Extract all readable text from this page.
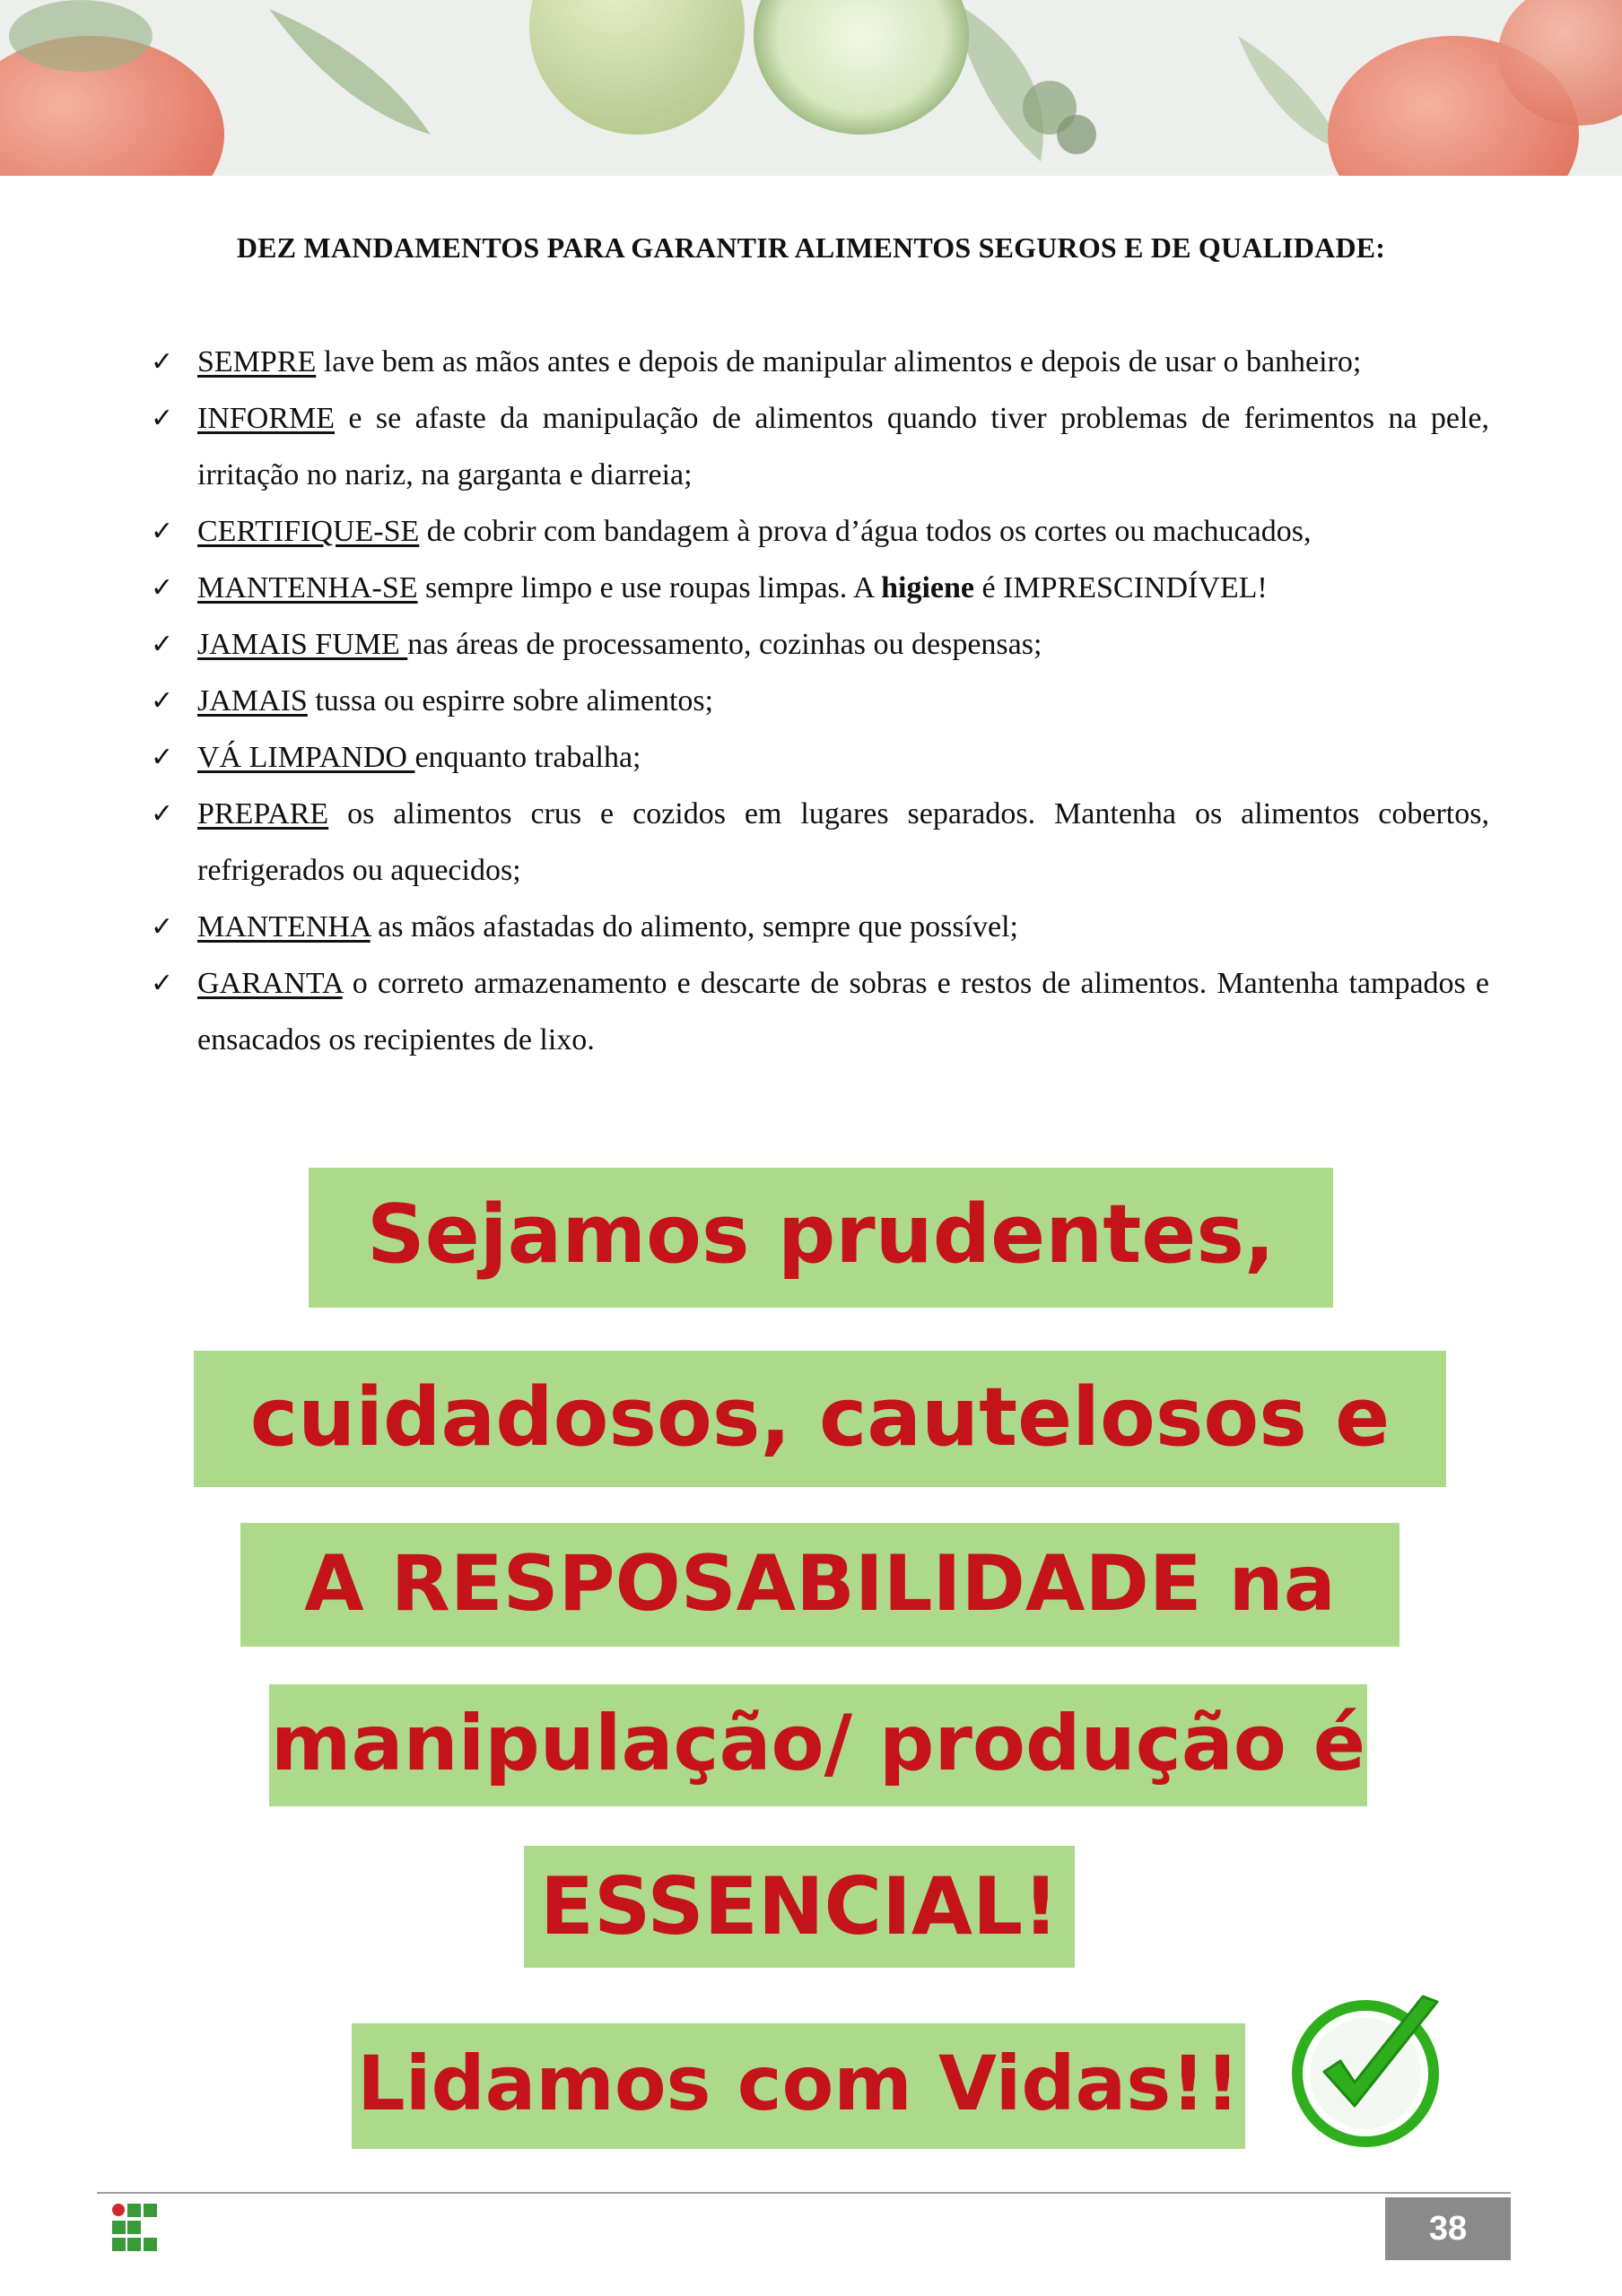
DEZ MANDAMENTOS PARA GARANTIR ALIMENTOS SEGUROS E DE QUALIDADE:
✓ SEMPRE lave bem as mãos antes e depois de manipular alimentos e depois de usar o banheiro;
✓ INFORME e se afaste da manipulação de alimentos quando tiver problemas de ferimentos na pele, irritação no nariz, na garganta e diarreia;
✓ CERTIFIQUE-SE de cobrir com bandagem à prova d’água todos os cortes ou machucados,
✓ MANTENHA-SE sempre limpo e use roupas limpas. A higiene é IMPRESCINDÍVEL!
✓ JAMAIS FUME nas áreas de processamento, cozinhas ou despensas;
✓ JAMAIS tussa ou espirre sobre alimentos;
✓ VÁ LIMPANDO enquanto trabalha;
✓ PREPARE os alimentos crus e cozidos em lugares separados. Mantenha os alimentos cobertos, refrigerados ou aquecidos;
✓ MANTENHA as mãos afastadas do alimento, sempre que possível;
✓ GARANTA o correto armazenamento e descarte de sobras e restos de alimentos. Mantenha tampados e ensacados os recipientes de lixo.
Sejamos prudentes,
cuidadosos, cautelosos e
A RESPOSABILIDADE na
manipulação/ produção é
ESSENCIAL!
Lidamos com Vidas!!
38
